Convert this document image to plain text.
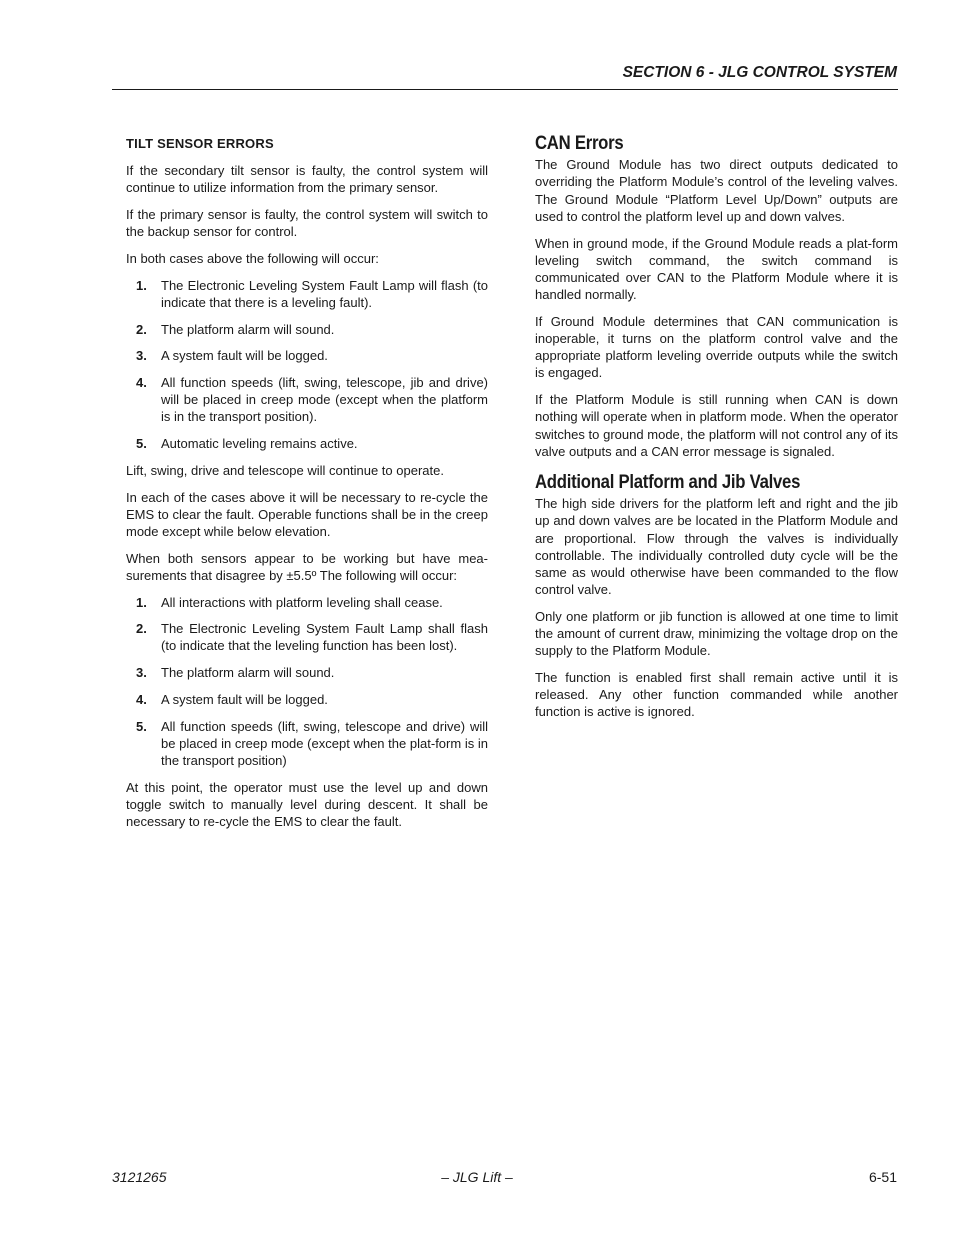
SECTION 6 - JLG CONTROL SYSTEM
TILT SENSOR ERRORS

If the secondary tilt sensor is faulty, the control system will continue to utilize information from the primary sensor.

If the primary sensor is faulty, the control system will switch to the backup sensor for control.

In both cases above the following will occur:

1.	The Electronic Leveling System Fault Lamp will flash (to indicate that there is a leveling fault).
2.	The platform alarm will sound.
3.	A system fault will be logged.
4.	All function speeds (lift, swing, telescope, jib and drive) will be placed in creep mode (except when the platform is in the transport position).
5.	Automatic leveling remains active.

Lift, swing, drive and telescope will continue to operate.

In each of the cases above it will be necessary to re-cycle the EMS to clear the fault. Operable functions shall be in the creep mode except while below elevation.

When both sensors appear to be working but have mea-surements that disagree by ±5.5º The following will occur:

1.	All interactions with platform leveling shall cease.
2.	The Electronic Leveling System Fault Lamp shall flash (to indicate that the leveling function has been lost).
3.	The platform alarm will sound.
4.	A system fault will be logged.
5.	All function speeds (lift, swing, telescope and drive) will be placed in creep mode (except when the plat-form is in the transport position)

At this point, the operator must use the level up and down toggle switch to manually level during descent. It shall be necessary to re-cycle the EMS to clear the fault.

CAN Errors

The Ground Module has two direct outputs dedicated to overriding the Platform Module’s control of the leveling valves. The Ground Module “Platform Level Up/Down” outputs are used to control the platform level up and down valves.

When in ground mode, if the Ground Module reads a plat-form leveling switch command, the switch command is communicated over CAN to the Platform Module where it is handled normally.

If Ground Module determines that CAN communication is inoperable, it turns on the platform control valve and the appropriate platform leveling override outputs while the switch is engaged.

If the Platform Module is still running when CAN is down nothing will operate when in platform mode. When the operator switches to ground mode, the platform will not control any of its valve outputs and a CAN error message is signaled.

Additional Platform and Jib Valves

The high side drivers for the platform left and right and the jib up and down valves are be located in the Platform Module and are proportional. Flow through the valves is individually controllable. The individually controlled duty cycle will be the same as would otherwise have been commanded to the flow control valve.

Only one platform or jib function is allowed at one time to limit the amount of current draw, minimizing the voltage drop on the supply to the Platform Module.

The function is enabled first shall remain active until it is released. Any other function commanded while another function is active is ignored.

3121265	– JLG Lift –	6-51
